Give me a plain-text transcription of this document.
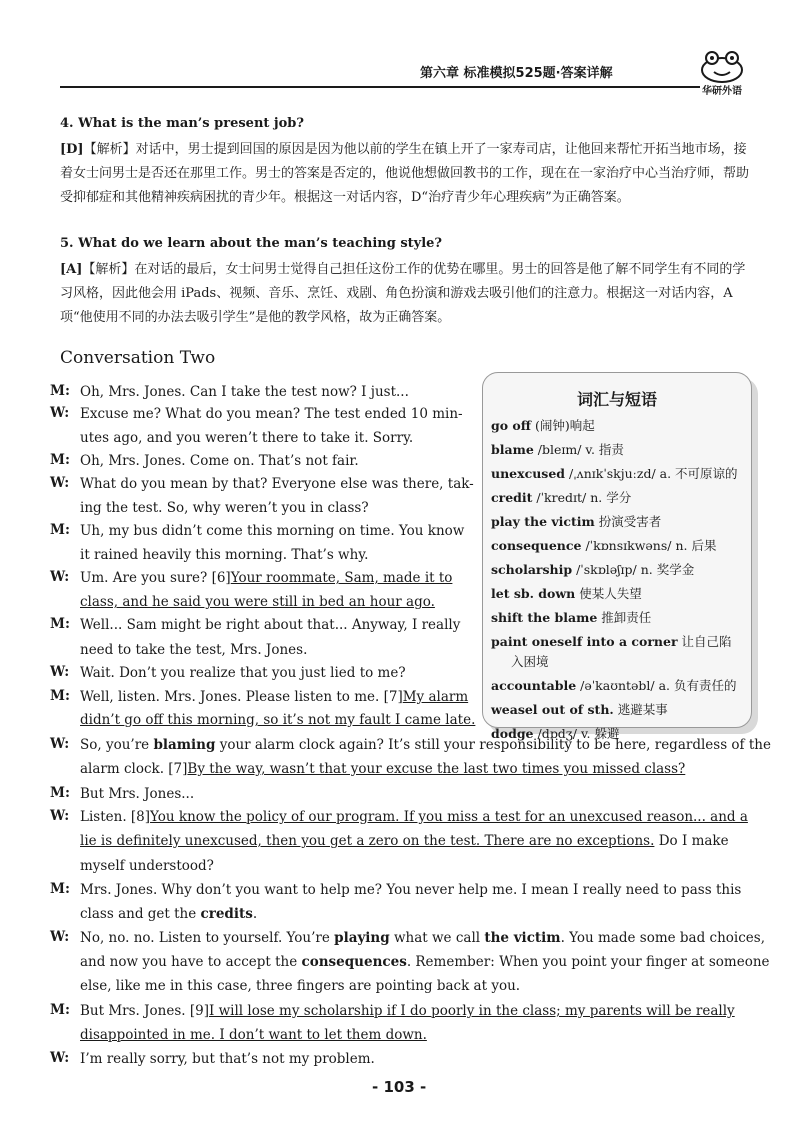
第六章 标准模拟525题·答案详解
华研外语
4. What is the man’s present job?
[D]【解析】对话中，男士提到回国的原因是因为他以前的学生在镇上开了一家寿司店，让他回来帮忙开拓当地市场，接着女士问男士是否还在那里工作。男士的答案是否定的，他说他想做回教书的工作，现在在一家治疗中心当治疗师，帮助受抑郁症和其他精神疾病困扰的青少年。根据这一对话内容，D“治疗青少年心理疾病”为正确答案。
5. What do we learn about the man’s teaching style?
[A]【解析】在对话的最后，女士问男士觉得自己担任这份工作的优势在哪里。男士的回答是他了解不同学生有不同的学习风格，因此他会用 iPads、视频、音乐、烹饪、戏剧、角色扮演和游戏去吸引他们的注意力。根据这一对话内容，A 项“他使用不同的办法去吸引学生”是他的教学风格，故为正确答案。
Conversation Two
M: Oh, Mrs. Jones. Can I take the test now? I just...
W: Excuse me? What do you mean? The test ended 10 min-
utes ago, and you weren’t there to take it. Sorry.
M: Oh, Mrs. Jones. Come on. That’s not fair.
W: What do you mean by that? Everyone else was there, tak-
ing the test. So, why weren’t you in class?
M: Uh, my bus didn’t come this morning on time. You know
it rained heavily this morning. That’s why.
W: Um. Are you sure? [6]Your roommate, Sam, made it to
class, and he said you were still in bed an hour ago.
M: Well... Sam might be right about that... Anyway, I really
need to take the test, Mrs. Jones.
W: Wait. Don’t you realize that you just lied to me?
M: Well, listen. Mrs. Jones. Please listen to me. [7]My alarm
didn’t go off this morning, so it’s not my fault I came late.
W: So, you’re blaming your alarm clock again? It’s still your responsibility to be here, regardless of the
alarm clock. [7]By the way, wasn’t that your excuse the last two times you missed class?
M: But Mrs. Jones...
W: Listen. [8]You know the policy of our program. If you miss a test for an unexcused reason... and a
lie is definitely unexcused, then you get a zero on the test. There are no exceptions. Do I make
myself understood?
M: Mrs. Jones. Why don’t you want to help me? You never help me. I mean I really need to pass this
class and get the credits.
W: No, no. no. Listen to yourself. You’re playing what we call the victim. You made some bad choices,
and now you have to accept the consequences. Remember: When you point your finger at someone
else, like me in this case, three fingers are pointing back at you.
M: But Mrs. Jones. [9]I will lose my scholarship if I do poorly in the class; my parents will be really
disappointed in me. I don’t want to let them down.
W: I’m really sorry, but that’s not my problem.
词汇与短语
go off (闹钟)响起
blame /bleɪm/ v. 指责
unexcused /ˌʌnɪkˈskjuːzd/ a. 不可原谅的
credit /ˈkredɪt/ n. 学分
play the victim 扮演受害者
consequence /ˈkɒnsɪkwəns/ n. 后果
scholarship /ˈskɒləʃɪp/ n. 奖学金
let sb. down 使某人失望
shift the blame 推卸责任
paint oneself into a corner 让自己陷
入困境
accountable /əˈkaʊntəbl/ a. 负有责任的
weasel out of sth. 逃避某事
dodge /dɒdʒ/ v. 躲避
- 103 -
